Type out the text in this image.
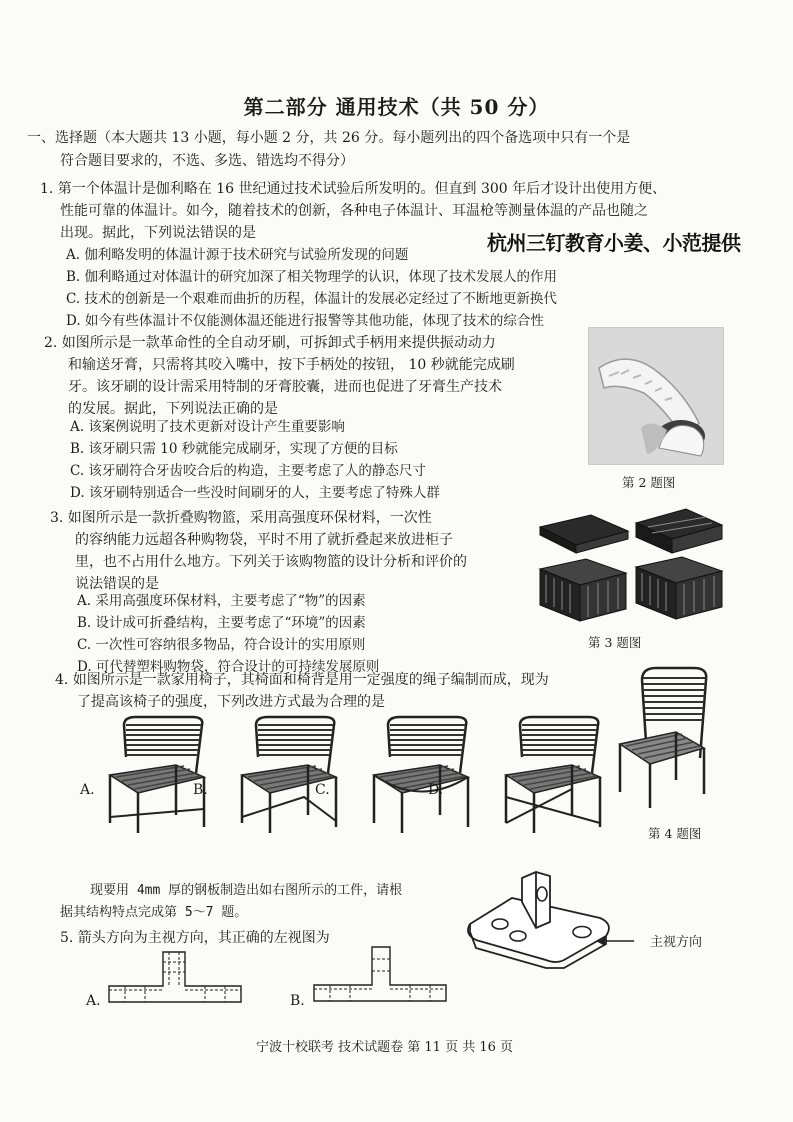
第二部分 通用技术（共 50 分）
一、选择题（本大题共 13 小题，每小题 2 分，共 26 分。每小题列出的四个备选项中只有一个是
符合题目要求的，不选、多选、错选均不得分）
1. 第一个体温计是伽利略在 16 世纪通过技术试验后所发明的。但直到 300 年后才设计出使用方便、
性能可靠的体温计。如今，随着技术的创新，各种电子体温计、耳温枪等测量体温的产品也随之
出现。据此，下列说法错误的是	杭州三钉教育小姜、小范提供
A. 伽利略发明的体温计源于技术研究与试验所发现的问题
B. 伽利略通过对体温计的研究加深了相关物理学的认识，体现了技术发展人的作用
C. 技术的创新是一个艰难而曲折的历程，体温计的发展必定经过了不断地更新换代
D. 如今有些体温计不仅能测体温还能进行报警等其他功能，体现了技术的综合性
2. 如图所示是一款革命性的全自动牙刷，可拆卸式手柄用来提供振动动力
和输送牙膏，只需将其咬入嘴中，按下手柄处的按钮， 10 秒就能完成刷
牙。该牙刷的设计需采用特制的牙膏胶囊，进而也促进了牙膏生产技术
的发展。据此，下列说法正确的是
A. 该案例说明了技术更新对设计产生重要影响
B. 该牙刷只需 10 秒就能完成刷牙，实现了方便的目标
C. 该牙刷符合牙齿咬合后的构造，主要考虑了人的静态尺寸
D. 该牙刷特别适合一些没时间刷牙的人，主要考虑了特殊人群
第 2 题图
3. 如图所示是一款折叠购物篮，采用高强度环保材料，一次性
的容纳能力远超各种购物袋，平时不用了就折叠起来放进柜子
里，也不占用什么地方。下列关于该购物篮的设计分析和评价的
说法错误的是
A. 采用高强度环保材料，主要考虑了“物”的因素
B. 设计成可折叠结构，主要考虑了“环境”的因素
C. 一次性可容纳很多物品，符合设计的实用原则
D. 可代替塑料购物袋，符合设计的可持续发展原则
第 3 题图
4. 如图所示是一款家用椅子，其椅面和椅背是用一定强度的绳子编制而成，现为
了提高该椅子的强度，下列改进方式最为合理的是
A.	B.	C.	D.
第 4 题图
现要用 4mm 厚的钢板制造出如右图所示的工件，请根
据其结构特点完成第 5～7 题。
主视方向
5. 箭头方向为主视方向，其正确的左视图为
A.	B.
宁波十校联考 技术试题卷 第 11 页 共 16 页
